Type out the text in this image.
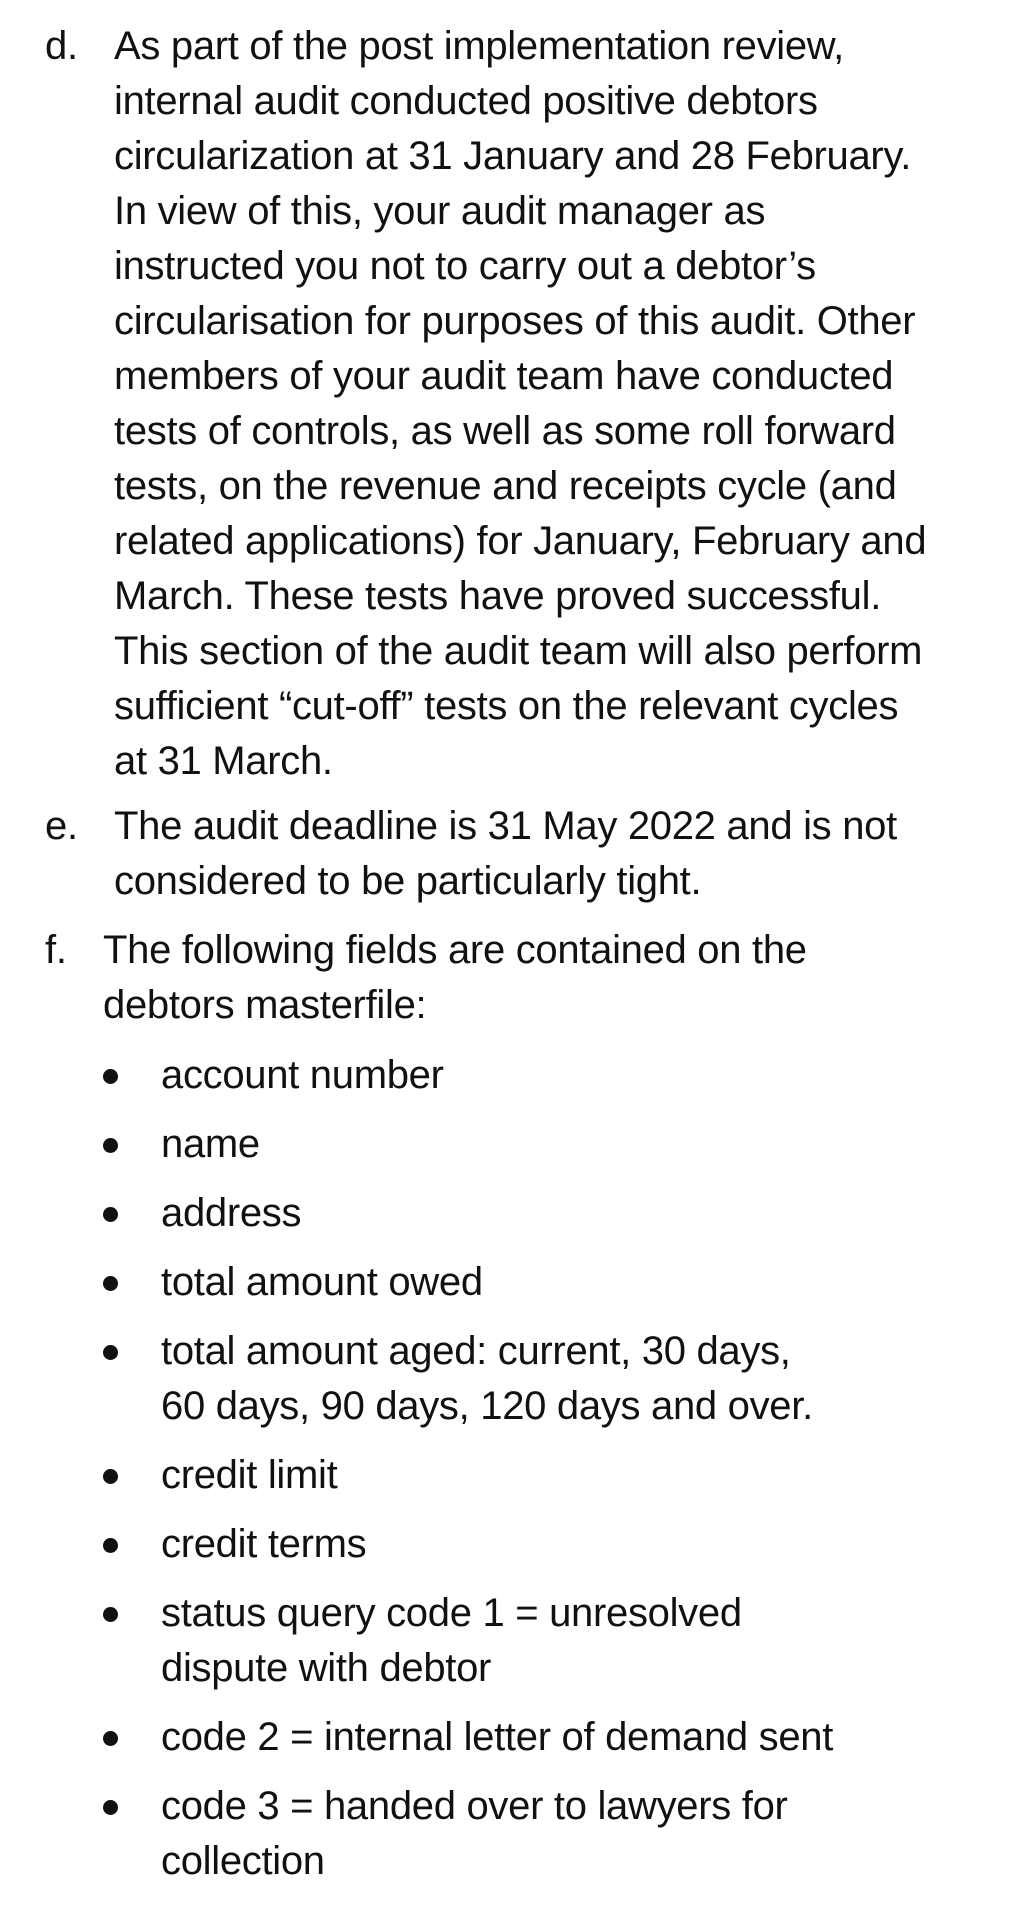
d. As part of the post implementation review,
internal audit conducted positive debtors
circularization at 31 January and 28 February.
In view of this, your audit manager as
instructed you not to carry out a debtor’s
circularisation for purposes of this audit. Other
members of your audit team have conducted
tests of controls, as well as some roll forward
tests, on the revenue and receipts cycle (and
related applications) for January, February and
March. These tests have proved successful.
This section of the audit team will also perform
sufficient “cut-off” tests on the relevant cycles
at 31 March.
e. The audit deadline is 31 May 2022 and is not
considered to be particularly tight.
f. The following fields are contained on the
debtors masterfile:
account number
name
address
total amount owed
total amount aged: current, 30 days,
60 days, 90 days, 120 days and over.
credit limit
credit terms
status query code 1 = unresolved
dispute with debtor
code 2 = internal letter of demand sent
code 3 = handed over to lawyers for
collection
